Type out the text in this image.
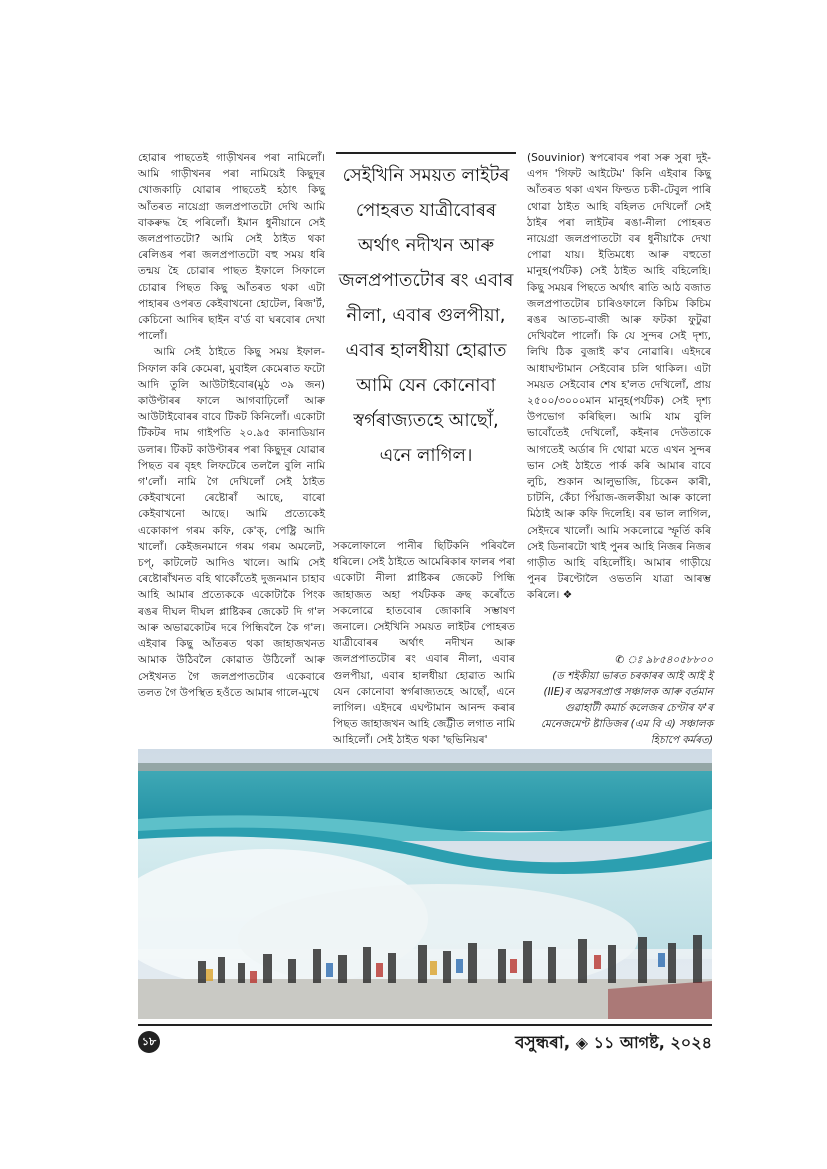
হোৱাৰ পাছতেই গাড়ীখনৰ পৰা নামিলোঁ। আমি গাড়ীখনৰ পৰা নামিয়েই কিছুদূৰ খোজকাঢ়ি যোৱাৰ পাছতেই হঠাৎ কিছু আঁতৰত নায়েগ্ৰা জলপ্ৰপাতটো দেখি আমি বাকৰুদ্ধ হৈ পৰিলোঁ। ইমান ধুনীয়ানে সেই জলপ্ৰপাতটো? আমি সেই ঠাইত থকা ৰেলিঙৰ পৰা জলপ্ৰপাতটো বহু সময় ধৰি তন্ময় হৈ চোৱাৰ পাছত ইফালে সিফালে চোৱাৰ পিছত কিছু আঁতৰত থকা এটা পাহাৰৰ ওপৰত কেইবাখনো হোটেল, ৰিজ'ৰ্ট, কেচিনো আদিৰ ছাইন ব'ৰ্ড বা ঘৰবোৰ দেখা পালোঁ।

আমি সেই ঠাইতে কিছু সময় ইফাল-সিফাল কৰি কেমেৰা, মুবাইল কেমেৰাত ফটো আদি তুলি আউটাইবোৰ(মুঠ ৩৯ জন) কাউণ্টাৰৰ ফালে আগবাঢ়িলোঁ আৰু আউটাইবোৰৰ বাবে টিকট কিনিলোঁ। একোটা টিকটৰ দাম গাইপতি ২০.৯৫ কানাডিয়ান ডলাৰ। টিকট কাউণ্টাৰৰ পৰা কিছুদূৰ যোৱাৰ পিছত বৰ বৃহৎ লিফটেৰে তললৈ বুলি নামি গ'লোঁ। নামি গৈ দেখিলোঁ সেই ঠাইত কেইবাখনো ৰেষ্টোৰাঁ আছে, বাৰো কেইবাখনো আছে। আমি প্ৰত্যেকেই একোকাপ গৰম কফি, কে'ক্, পেষ্ট্ৰি আদি খালোঁ। কেইজনমানে গৰম গৰম অমলেট, চপ্, কাটলেট আদিও খালে। আমি সেই ৰেষ্টোৰাঁখনত বহি থাকোঁতেই দুজনমান চাহাব আহি আমাৰ প্ৰত্যেককে একোটাকৈ পিংক ৰঙৰ দীঘল দীঘল প্লাষ্টিকৰ জেকেট দি গ'ল আৰু অভাৱকোটৰ দৰে পিন্ধিবলৈ কৈ গ'ল। এইবাৰ কিছু আঁতৰত থকা জাহাজখনত আমাক উঠিবলৈ কোৱাত উঠিলোঁ আৰু সেইখনত গৈ জলপ্ৰপাতটোৰ একেবাৰে তলত গৈ উপস্থিত হওঁতে আমাৰ গালে-মুখে

সেইখিনি সময়ত লাইটৰ পোহৰত যাত্ৰীবোৰৰ অৰ্থাৎ নদীখন আৰু জলপ্ৰপাতটোৰ ৰং এবাৰ নীলা, এবাৰ গুলপীয়া, এবাৰ হালধীয়া হোৱাত আমি যেন কোনোবা স্বৰ্গৰাজ্যতহে আছোঁ, এনে লাগিল।

সকলোফালে পানীৰ ছিটিকনি পৰিবলৈ ধৰিলে। সেই ঠাইতে আমেৰিকাৰ ফালৰ পৰা একোটা নীলা প্লাষ্টিকৰ জেকেট পিন্ধি জাহাজত অহা পৰ্যটকক ক্ৰছ কৰোঁতে সকলোৱে হাতবোৰ জোকাৰি সম্ভাষণ জনালে। সেইখিনি সময়ত লাইটৰ পোহৰত যাত্ৰীবোৰৰ অৰ্থাৎ নদীখন আৰু জলপ্ৰপাতটোৰ ৰং এবাৰ নীলা, এবাৰ গুলপীয়া, এবাৰ হালধীয়া হোৱাত আমি যেন কোনোবা স্বৰ্গৰাজ্যতহে আছোঁ, এনে লাগিল। এইদৰে এঘণ্টামান আনন্দ কৰাৰ পিছত জাহাজখন আহি জেট্টীত লগাত নামি আহিলোঁ। সেই ঠাইত থকা 'ছভিনিয়ৰ'

(Souvinior) স্বপৰোবৰ পৰা সৰু সুৰা দুই-এপদ 'গিফট আইটেম' কিনি এইবাৰ কিছু আঁতৰত থকা এখন ফিল্ডত চকী-টেবুল পাৰি থোৱা ঠাইত আহি বহিলত দেখিলোঁ সেই ঠাইৰ পৰা লাইটৰ ৰঙা-নীলা পোহৰত নায়েগ্ৰা জলপ্ৰপাতটো বৰ ধুনীয়াকৈ দেখা পোৱা যায়। ইতিমধ্যে আৰু বহুতো মানুহ(পৰ্যটক) সেই ঠাইত আহি বহিলেহি। কিছু সময়ৰ পিছতে অৰ্থাৎ ৰাতি আঠ বজাত জলপ্ৰপাতটোৰ চাৰিওফালে কিচিম কিচিম ৰঙৰ আতচ-বাজী আৰু ফটকা ফুটুৱা দেখিবলৈ পালোঁ। কি যে সুন্দৰ সেই দৃশ্য, লিখি ঠিক বুজাই ক'ব নোৱাৰি। এইদৰে আধাঘণ্টামান সেইবোৰ চলি থাকিল। এটা সময়ত সেইবোৰ শেষ হ'লত দেখিলোঁ, প্ৰায় ২৫০০/৩০০০মান মানুহ(পৰ্যটক) সেই দৃশ্য উপভোগ কৰিছিল। আমি যাম বুলি ভাবোঁতেই দেখিলোঁ, কইনাৰ দেউতাকে আগতেই অৰ্ডাৰ দি থোৱা মতে এখন সুন্দৰ ভান সেই ঠাইতে পাৰ্ক কৰি আমাৰ বাবে লুচি, শুকান আলুভাজি, চিকেন কাৰী, চাটনি, কেঁচা পিঁয়াজ-জলকীয়া আৰু কালো মিঠাই আৰু কফি দিলেহি। বৰ ভাল লাগিল, সেইদৰে খালোঁ। আমি সকলোৱে স্ফূৰ্তি কৰি সেই ডিনাৰটো খাই পুনৰ আহি নিজৰ নিজৰ গাড়ীত আহি বহিলোঁহি। আমাৰ গাড়ীয়ে পুনৰ টৰণ্টোলৈ ওভতনি যাত্ৰা আৰম্ভ কৰিলে। ❖

✆ ঃ ৯৮৫৪০৫৮৮০০
(ড শইকীয়া ভাৰত চৰকাৰৰ আই আই ই (IIE)ৰ অৱসৰপ্ৰাপ্ত সঞ্চালক আৰু বৰ্তমান গুৱাহাটী কমাৰ্চ কলেজৰ চেণ্টাৰ ফ'ৰ মেনেজমেণ্ট ষ্টাডিজৰ (এম বি এ) সঞ্চালক হিচাপে কৰ্মৰত)
১৮	বসুন্ধৰা, ◈ ১১ আগষ্ট, ২০২৪
